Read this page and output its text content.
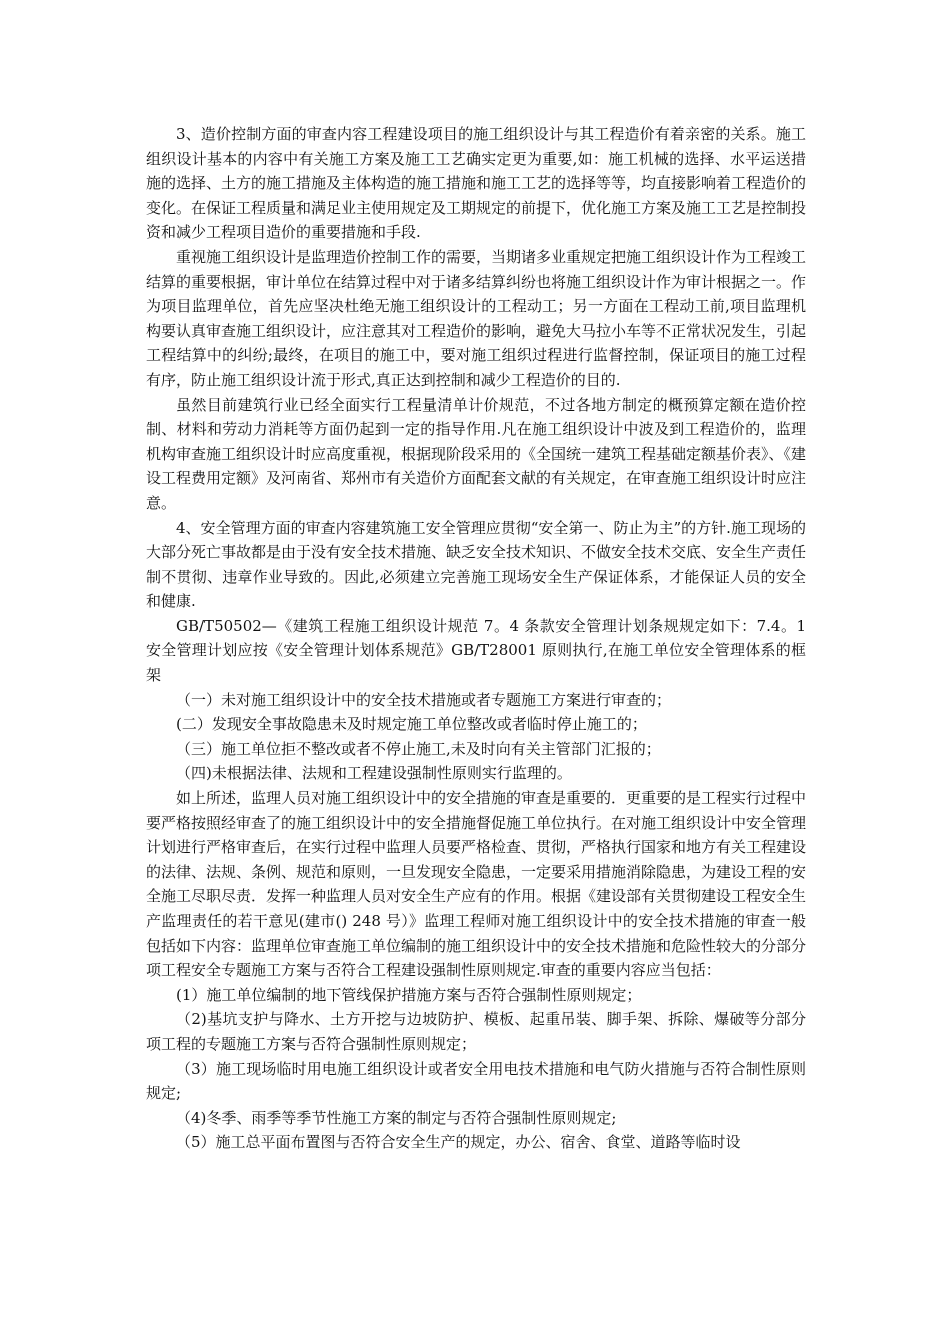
3、造价控制方面的审查内容工程建设项目的施工组织设计与其工程造价有着亲密的关系。施工组织设计基本的内容中有关施工方案及施工工艺确实定更为重要,如：施工机械的选择、水平运送措施的选择、土方的施工措施及主体构造的施工措施和施工工艺的选择等等，均直接影响着工程造价的变化。在保证工程质量和满足业主使用规定及工期规定的前提下，优化施工方案及施工工艺是控制投资和减少工程项目造价的重要措施和手段.

重视施工组织设计是监理造价控制工作的需要，当期诸多业重规定把施工组织设计作为工程竣工结算的重要根据，审计单位在结算过程中对于诸多结算纠纷也将施工组织设计作为审计根据之一。作为项目监理单位，首先应坚决杜绝无施工组织设计的工程动工；另一方面在工程动工前,项目监理机构要认真审查施工组织设计，应注意其对工程造价的影响，避免大马拉小车等不正常状况发生，引起工程结算中的纠纷;最终，在项目的施工中，要对施工组织过程进行监督控制，保证项目的施工过程有序，防止施工组织设计流于形式,真正达到控制和减少工程造价的目的.

虽然目前建筑行业已经全面实行工程量清单计价规范，不过各地方制定的概预算定额在造价控制、材料和劳动力消耗等方面仍起到一定的指导作用.凡在施工组织设计中波及到工程造价的，监理机构审查施工组织设计时应高度重视，根据现阶段采用的《全国统一建筑工程基础定额基价表》、《建设工程费用定额》及河南省、郑州市有关造价方面配套文献的有关规定，在审查施工组织设计时应注意。

4、安全管理方面的审查内容建筑施工安全管理应贯彻“安全第一、防止为主”的方针.施工现场的大部分死亡事故都是由于没有安全技术措施、缺乏安全技术知识、不做安全技术交底、安全生产责任制不贯彻、违章作业导致的。因此,必须建立完善施工现场安全生产保证体系，才能保证人员的安全和健康.

GB/T50502—《建筑工程施工组织设计规范 7。4 条款安全管理计划条规规定如下：7.4。1 安全管理计划应按《安全管理计划体系规范》GB/T28001 原则执行,在施工单位安全管理体系的框架

（一）未对施工组织设计中的安全技术措施或者专题施工方案进行审查的；

(二）发现安全事故隐患未及时规定施工单位整改或者临时停止施工的；

（三）施工单位拒不整改或者不停止施工,未及时向有关主管部门汇报的；

（四)未根据法律、法规和工程建设强制性原则实行监理的。

如上所述，监理人员对施工组织设计中的安全措施的审查是重要的．更重要的是工程实行过程中要严格按照经审查了的施工组织设计中的安全措施督促施工单位执行。在对施工组织设计中安全管理计划进行严格审查后，在实行过程中监理人员要严格检查、贯彻，严格执行国家和地方有关工程建设的法律、法规、条例、规范和原则，一旦发现安全隐患，一定要采用措施消除隐患，为建设工程的安全施工尽职尽责．发挥一种监理人员对安全生产应有的作用。根据《建设部有关贯彻建设工程安全生产监理责任的若干意见(建市() 248 号）》监理工程师对施工组织设计中的安全技术措施的审查一般包括如下内容：监理单位审查施工单位编制的施工组织设计中的安全技术措施和危险性较大的分部分项工程安全专题施工方案与否符合工程建设强制性原则规定.审查的重要内容应当包括：

(1）施工单位编制的地下管线保护措施方案与否符合强制性原则规定；

（2)基坑支护与降水、土方开挖与边坡防护、模板、起重吊装、脚手架、拆除、爆破等分部分项工程的专题施工方案与否符合强制性原则规定；

（3）施工现场临时用电施工组织设计或者安全用电技术措施和电气防火措施与否符合制性原则规定;

（4)冬季、雨季等季节性施工方案的制定与否符合强制性原则规定;

（5）施工总平面布置图与否符合安全生产的规定，办公、宿舍、食堂、道路等临时设
